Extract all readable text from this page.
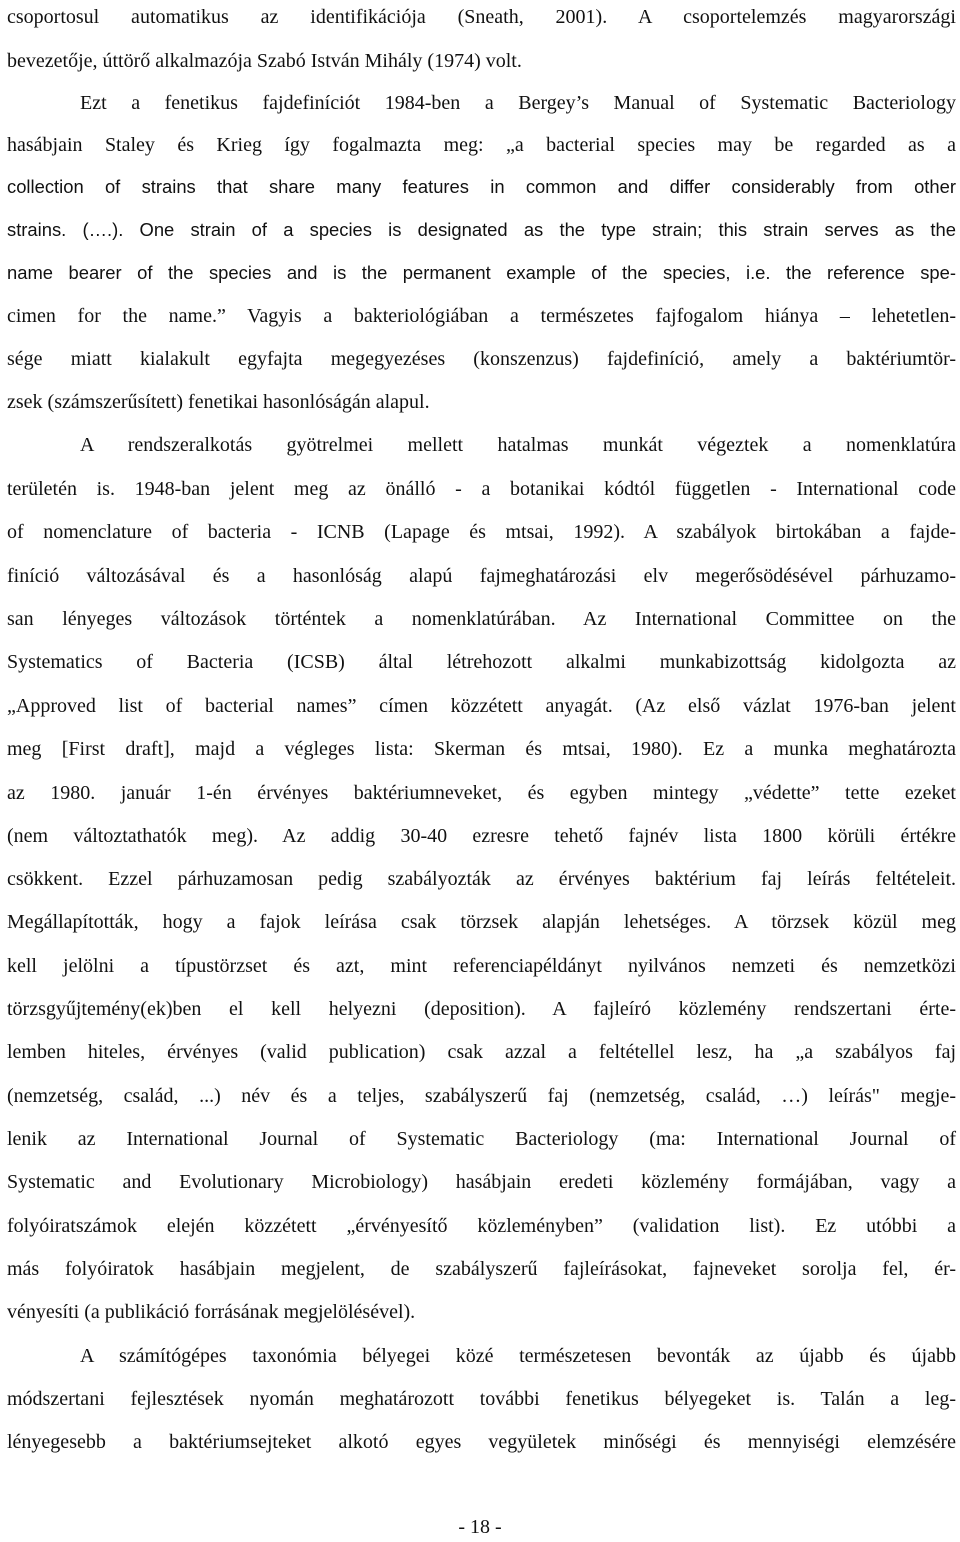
csoportosul automatikus az identifikációja (Sneath, 2001). A csoportelemzés magyarországi
bevezetője, úttörő alkalmazója Szabó István Mihály (1974) volt.
Ezt a fenetikus fajdefiníciót 1984-ben a Bergey’s Manual of Systematic Bacteriology
hasábjain Staley és Krieg így fogalmazta meg: „a bacterial species may be regarded as a
collection of strains that share many features in common and differ considerably from other
strains. (….). One strain of a species is designated as the type strain; this strain serves as the
name bearer of the species and is the permanent example of the species, i.e. the reference spe-
cimen for the name.” Vagyis a bakteriológiában a természetes fajfogalom hiánya – lehetetlen-
sége miatt kialakult egyfajta megegyezéses (konszenzus) fajdefiníció, amely a baktériumtör-
zsek (számszerűsített) fenetikai hasonlóságán alapul.
A rendszeralkotás gyötrelmei mellett hatalmas munkát végeztek a nomenklatúra
területén is. 1948-ban jelent meg az önálló - a botanikai kódtól független - International code
of nomenclature of bacteria - ICNB (Lapage és mtsai, 1992). A szabályok birtokában a fajde-
finíció változásával és a hasonlóság alapú fajmeghatározási elv megerősödésével párhuzamo-
san lényeges változások történtek a nomenklatúrában. Az International Committee on the
Systematics of Bacteria (ICSB) által létrehozott alkalmi munkabizottság kidolgozta az
„Approved list of bacterial names” címen közzétett anyagát. (Az első vázlat 1976-ban jelent
meg [First draft], majd a végleges lista: Skerman és mtsai, 1980). Ez a munka meghatározta
az 1980. január 1-én érvényes baktériumneveket, és egyben mintegy „védette” tette ezeket
(nem változtathatók meg). Az addig 30-40 ezresre tehető fajnév lista 1800 körüli értékre
csökkent. Ezzel párhuzamosan pedig szabályozták az érvényes baktérium faj leírás feltételeit.
Megállapították, hogy a fajok leírása csak törzsek alapján lehetséges. A törzsek közül meg
kell jelölni a típustörzset és azt, mint referenciapéldányt nyilvános nemzeti és nemzetközi
törzsgyűjtemény(ek)ben el kell helyezni (deposition). A fajleíró közlemény rendszertani érte-
lemben hiteles, érvényes (valid publication) csak azzal a feltétellel lesz, ha „a szabályos faj
(nemzetség, család, ...) név és a teljes, szabályszerű faj (nemzetség, család, …) leírás" megje-
lenik az International Journal of Systematic Bacteriology (ma: International Journal of
Systematic and Evolutionary Microbiology) hasábjain eredeti közlemény formájában, vagy a
folyóiratszámok elején közzétett „érvényesítő közleményben” (validation list). Ez utóbbi a
más folyóiratok hasábjain megjelent, de szabályszerű fajleírásokat, fajneveket sorolja fel, ér-
vényesíti (a publikáció forrásának megjelölésével).
A számítógépes taxonómia bélyegei közé természetesen bevonták az újabb és újabb
módszertani fejlesztések nyomán meghatározott további fenetikus bélyegeket is. Talán a leg-
lényegesebb a baktériumsejteket alkotó egyes vegyületek minőségi és mennyiségi elemzésére
- 18 -
